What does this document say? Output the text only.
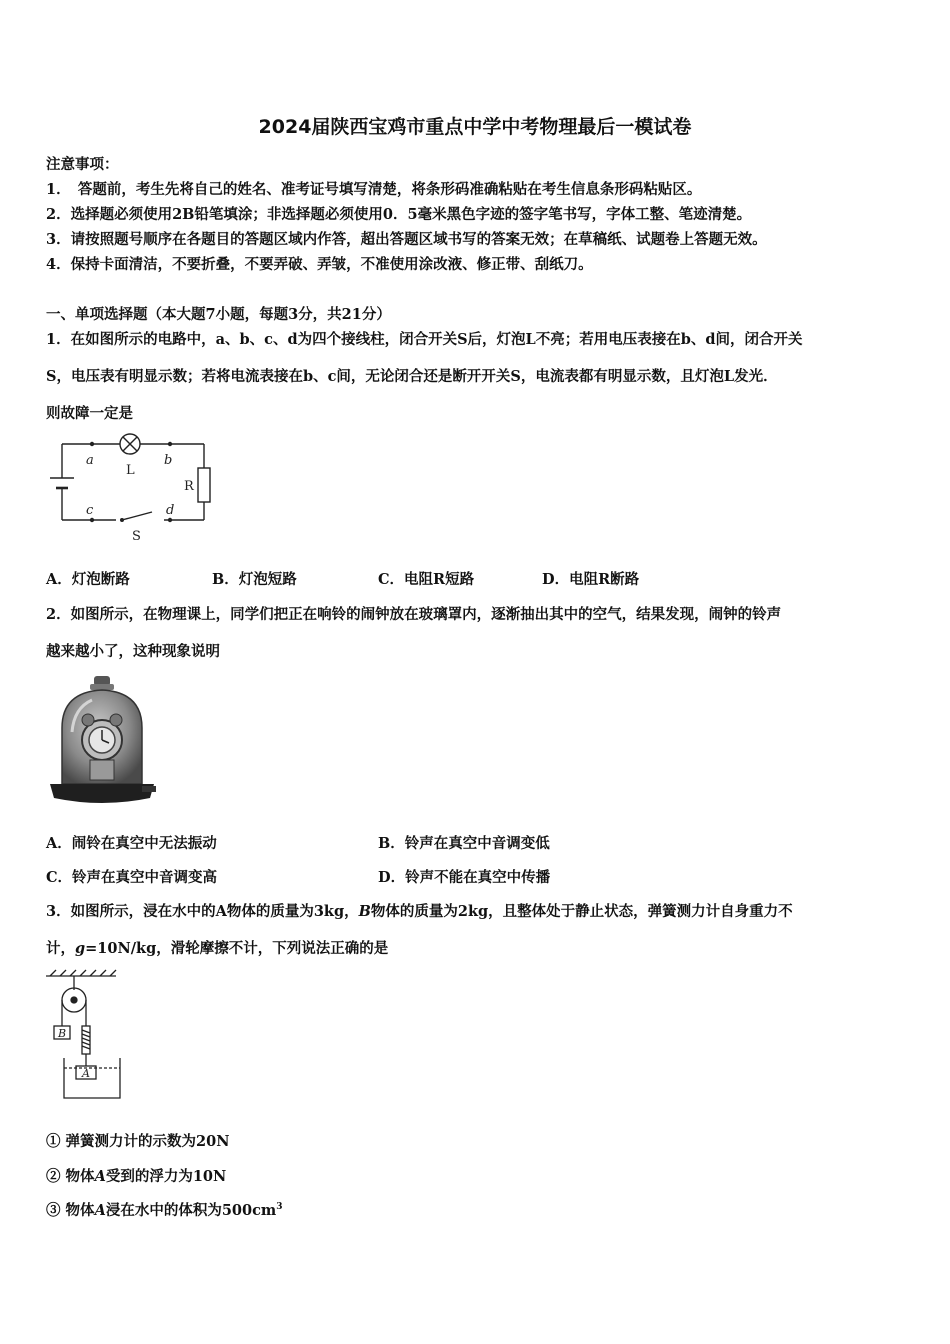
2024届陕西宝鸡市重点中学中考物理最后一模试卷
注意事项：
1．　答题前，考生先将自己的姓名、准考证号填写清楚，将条形码准确粘贴在考生信息条形码粘贴区。
2．选择题必须使用2B铅笔填涂；非选择题必须使用0．5毫米黑色字迹的签字笔书写，字体工整、笔迹清楚。
3．请按照题号顺序在各题目的答题区域内作答，超出答题区域书写的答案无效；在草稿纸、试题卷上答题无效。
4．保持卡面清洁，不要折叠，不要弄破、弄皱，不准使用涂改液、修正带、刮纸刀。
一、单项选择题（本大题7小题，每题3分，共21分）
1．在如图所示的电路中，a、b、c、d为四个接线柱，闭合开关S后，灯泡L不亮；若用电压表接在b、d间，闭合开关
S，电压表有明显示数；若将电流表接在b、c间，无论闭合还是断开开关S，电流表都有明显示数，且灯泡L发光．
则故障一定是
a
L
b
R
c	d
S
A．灯泡断路	B．灯泡短路	C．电阻R短路	D．电阻R断路
2．如图所示，在物理课上，同学们把正在响铃的闹钟放在玻璃罩内，逐渐抽出其中的空气，结果发现，闹钟的铃声
越来越小了，这种现象说明
A．闹铃在真空中无法振动	B．铃声在真空中音调变低
C．铃声在真空中音调变高	D．铃声不能在真空中传播
3．如图所示，浸在水中的A物体的质量为3kg，B物体的质量为2kg，且整体处于静止状态，弹簧测力计自身重力不
计，g=10N/kg，滑轮摩擦不计，下列说法正确的是
B
A
① 弹簧测力计的示数为20N
② 物体A受到的浮力为10N
③ 物体A浸在水中的体积为$500cm^3$
